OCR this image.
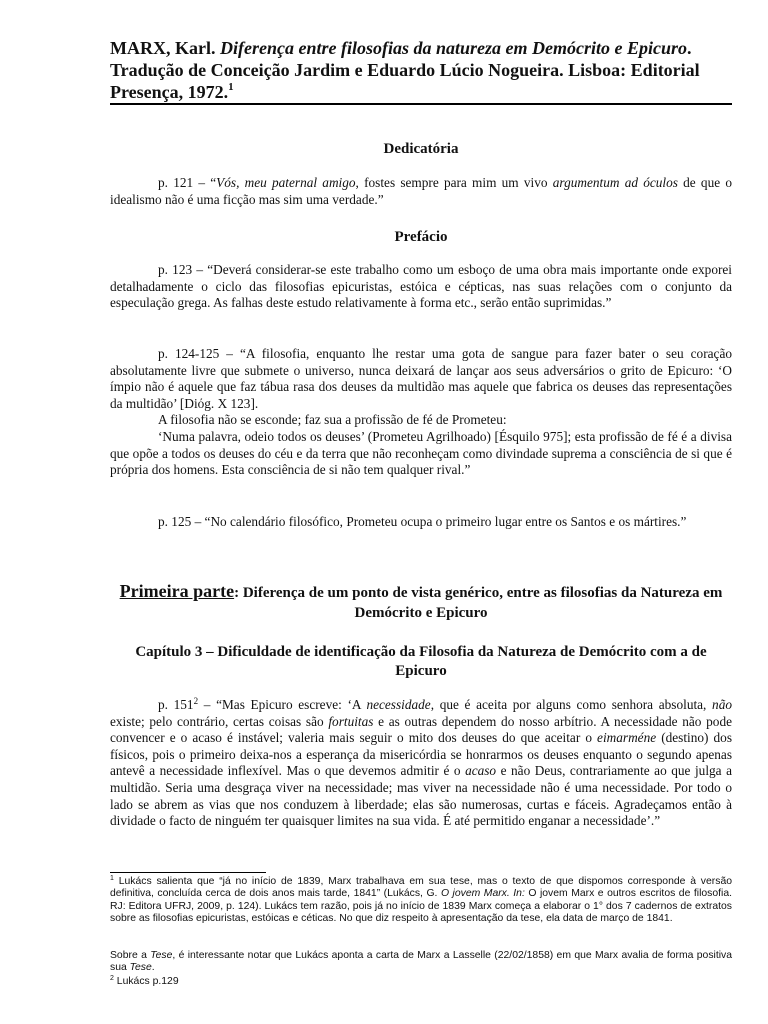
MARX, Karl. Diferença entre filosofias da natureza em Demócrito e Epicuro. Tradução de Conceição Jardim e Eduardo Lúcio Nogueira. Lisboa: Editorial Presença, 1972.$^1$

Dedicatória

p. 121 – “Vós, meu paternal amigo, fostes sempre para mim um vivo argumentum ad óculos de que o idealismo não é uma ficção mas sim uma verdade.”

Prefácio

p. 123 – “Deverá considerar-se este trabalho como um esboço de uma obra mais importante onde exporei detalhadamente o ciclo das filosofias epicuristas, estóica e cépticas, nas suas relações com o conjunto da especulação grega. As falhas deste estudo relativamente à forma etc., serão então suprimidas.”

p. 124-125 – “A filosofia, enquanto lhe restar uma gota de sangue para fazer bater o seu coração absolutamente livre que submete o universo, nunca deixará de lançar aos seus adversários o grito de Epicuro: ‘O ímpio não é aquele que faz tábua rasa dos deuses da multidão mas aquele que fabrica os deuses das representações da multidão’ [Diόg. X 123].

A filosofia não se esconde; faz sua a profissão de fé de Prometeu:

‘Numa palavra, odeio todos os deuses’ (Prometeu Agrilhoado) [Ésquilo 975]; esta profissão de fé é a divisa que opõe a todos os deuses do céu e da terra que não reconheçam como divindade suprema a consciência de si que é própria dos homens. Esta consciência de si não tem qualquer rival.”

p. 125 – “No calendário filosófico, Prometeu ocupa o primeiro lugar entre os Santos e os mártires.”

Primeira parte: Diferença de um ponto de vista genérico, entre as filosofias da Natureza em Demócrito e Epicuro

Capítulo 3 – Dificuldade de identificação da Filosofia da Natureza de Demócrito com a de Epicuro

p. $151^2$ – “Mas Epicuro escreve: ‘A necessidade, que é aceita por alguns como senhora absoluta, não existe; pelo contrário, certas coisas são fortuitas e as outras dependem do nosso arbítrio. A necessidade não pode convencer e o acaso é instável; valeria mais seguir o mito dos deuses do que aceitar o eimarméne (destino) dos físicos, pois o primeiro deixa-nos a esperança da misericórdia se honrarmos os deuses enquanto o segundo apenas antevê a necessidade inflexível. Mas o que devemos admitir é o acaso e não Deus, contrariamente ao que julga a multidão. Seria uma desgraça viver na necessidade; mas viver na necessidade não é uma necessidade. Por todo o lado se abrem as vias que nos conduzem à liberdade; elas são numerosas, curtas e fáceis. Agradeçamos então à dividade o facto de ninguém ter quaisquer limites na sua vida. É até permitido enganar a necessidade’.”

$^1$ Lukács salienta que “já no início de 1839, Marx trabalhava em sua tese, mas o texto de que dispomos corresponde à versão definitiva, concluída cerca de dois anos mais tarde, 1841” (Lukács, G. O jovem Marx. In: O jovem Marx e outros escritos de filosofia. RJ: Editora UFRJ, 2009, p. 124). Lukács tem razão, pois já no início de 1839 Marx começa a elaborar o 1° dos 7 cadernos de extratos sobre as filosofias epicuristas, estóicas e céticas. No que diz respeito à apresentação da tese, ela data de março de 1841.

Sobre a Tese, é interessante notar que Lukács aponta a carta de Marx a Lasselle (22/02/1858) em que Marx avalia de forma positiva sua Tese.

$^2$ Lukács p.129
